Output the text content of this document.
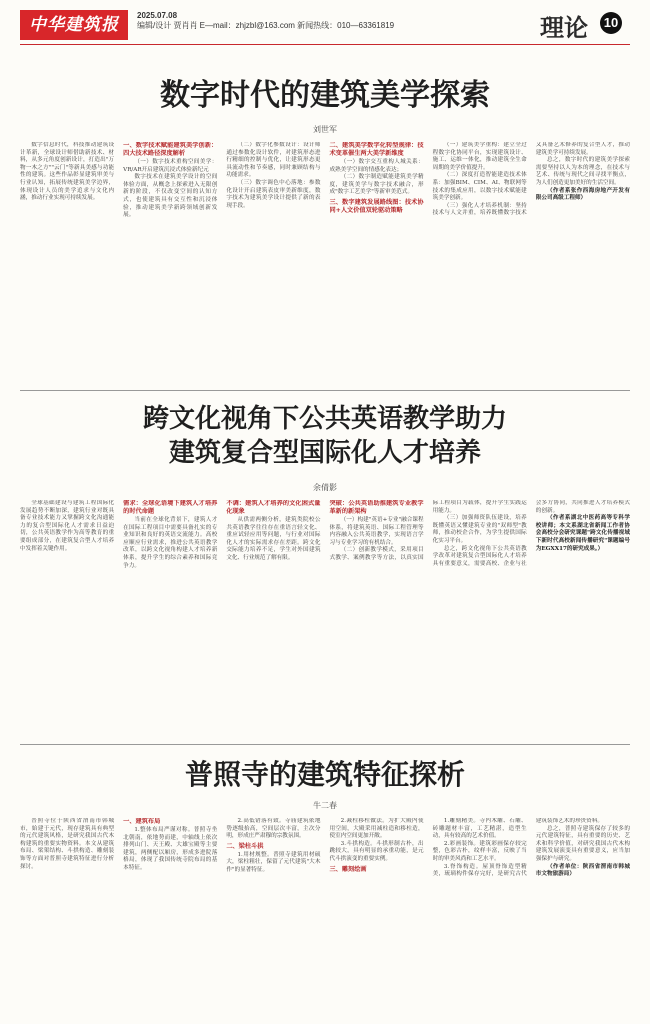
中华建筑报	2025.07.08
编辑/设计 贾肖肖 E—mail：zhjzbl@163.com 新闻热线：010—63361819	理论 10
数字时代的建筑美学探索
刘世军

数字信息时代，科技推动建筑设计革新，全球设计师借助新技术、材料，从多元角度创新设计，打造出"万物一木之方""云门"等新具美感与功能性的建筑。这些作品彰显建筑审美与行业认知，拓展传统建筑美学边界，体现设计人员的美学追求与文化内涵，推动行业实现可持续发展。

一、数字技术赋能建筑美学创新：四大技术路径深度解析

（一）数字技术重构空间美学：VR/AR开启建筑沉浸式体验新纪元

数字技术在建筑美学设计的空间体验方面，从概念上探索进入无限创新的阶段，不仅改变空间的认知方式，也使建筑具有交互性和沉浸体验，推动建筑美学新跨领域创新发展。

（二）数字化参数设计：设计师通过参数化设计软件，对建筑形态进行精细的控制与优化，让建筑形态更具流动性和节奏感，同时兼顾结构与功能需求。

（三）数字调色中心落地：参数化设计开启建筑表皮审美新维度，数字技术为建筑美学设计提供了新的表现手段。

二、建筑美学数字化转型规律：技术变革催生两大美学新维度

（一）数字交互重构人城关系：成熟美学空间的情感化表达；

（二）数字制造赋能建筑美学精度，建筑美学与数字技术融合，形成"数字工艺美学"等新审美范式。

三、数字建筑发展路线图：技术协同+人文价值双轮驱动策略

（一）建筑美学重构：建立全过程数字化协同平台，实现建筑设计、施工、运维一体化，推动建筑全生命周期的美学价值提升。

（二）深度打造智能建造技术体系：加强BIM、CIM、AI、物联网等技术的集成应用，以数字技术赋能建筑美学创新。

（三）强化人才培养机制：坚持技术与人文并重，培养既懂数字技术又具备艺术修养的复合型人才，推动建筑美学可持续发展。

总之，数字时代的建筑美学探索需要坚持以人为本的理念，在技术与艺术、传统与现代之间寻找平衡点，为人们创造更加美好的生活空间。

（作者系张作西海房地产开发有限公司高级工程师）

跨文化视角下公共英语教学助力
建筑复合型国际化人才培养
余倩影

全球基础建设与建筑工程国际化发展趋势不断加深，建筑行业对既具备专业技术能力又掌握跨文化沟通能力的复合型国际化人才需求日益迫切，公共英语教学作为高等教育的重要组成部分，在建筑复合型人才培养中发挥着关键作用。

需求：全球化语境下建筑人才培养的时代命题

当前在全球化背景下，建筑人才在国际工程项目中需要具备扎实的专业知识和良好的英语交流能力。高校应顺应行业需求，推进公共英语教学改革，以跨文化视角构建人才培养新体系，提升学生的综合素养和国际竞争力。

不调：建筑人才培养的文化困式量化现象

从供需两侧分析，建筑类院校公共英语教学往往存在重语言轻文化、重应试轻应用等问题，与行业对国际化人才的实际需求存在差距。跨文化交际能力培养不足，学生对外国建筑文化、行业规范了解有限。

突破：公共英语助推建筑专业教学革新的新架构

（一）构建"英语+专业"融合课程体系，将建筑英语、国际工程管理等内容融入公共英语教学，实现语言学习与专业学习的有机结合。

（二）创新教学模式，采用项目式教学、案例教学等方法，以真实国际工程项目为载体，提升学生实践运用能力。

（三）加强师资队伍建设，培养既懂英语又懂建筑专业的"双师型"教师，推动校企合作，为学生提供国际化实习平台。

总之，跨文化视角下公共英语教学改革对建筑复合型国际化人才培养具有重要意义，需要高校、企业与社会多方协同，共同推进人才培养模式的创新。

（作者系湖北中医药高等专科学校讲师；本文系湖北省新闻工作者协会高校分会研究课题"跨文化传播视域下新时代高校新闻传播研究"课题编号为EGXX17的研究成果。）

普照寺的建筑特征探析
牛二春

普照寺位于陕西省渭南市韩城市，始建于元代，现存建筑具有典型的元代建筑风格，是研究我国古代木构建筑的重要实物资料。本文从建筑布局、梁架结构、斗拱构造、雕刻装饰等方面对普照寺建筑特征进行分析探讨。

一、建筑布局

1.整体布局严谨对称。普照寺坐北朝南，依地势而建，中轴线上依次排列山门、天王殿、大雄宝殿等主要建筑，两侧配以厢房，形成多进院落格局，体现了我国传统寺院布局的基本特征。

2.高低错落有致。寺庙建筑依地势逐级抬高，空间层次丰富，主次分明，形成庄严肃穆的宗教氛围。

二、梁柱斗拱

1.用材规整。普照寺建筑用材硕大，梁柱粗壮，保留了元代建筑"大木作"的显著特征。

2.减柱移柱做法。为扩大殿内使用空间，大殿采用减柱造和移柱造，使室内空间更加开敞。

3.斗拱构造。斗拱形制古朴，出跳较大，具有明显的承重功能，是元代斗拱演变的重要实例。

三、雕刻绘画

1.雕刻精美。寺内木雕、石雕、砖雕题材丰富，工艺精湛，造型生动，具有较高的艺术价值。

2.彩画装饰。建筑彩画保存较完整，色彩古朴，纹样丰富，反映了当时的审美风尚和工艺水平。

3.脊饰构造。屋顶脊饰造型精美，琉璃构件保存完好，是研究古代建筑装饰艺术的珍贵资料。

总之，普照寺建筑保存了较多的元代建筑特征，具有重要的历史、艺术和科学价值，对研究我国古代木构建筑发展演变具有重要意义，应当加强保护与研究。

（作者单位：陕西省渭南市韩城市文物旅游局）
